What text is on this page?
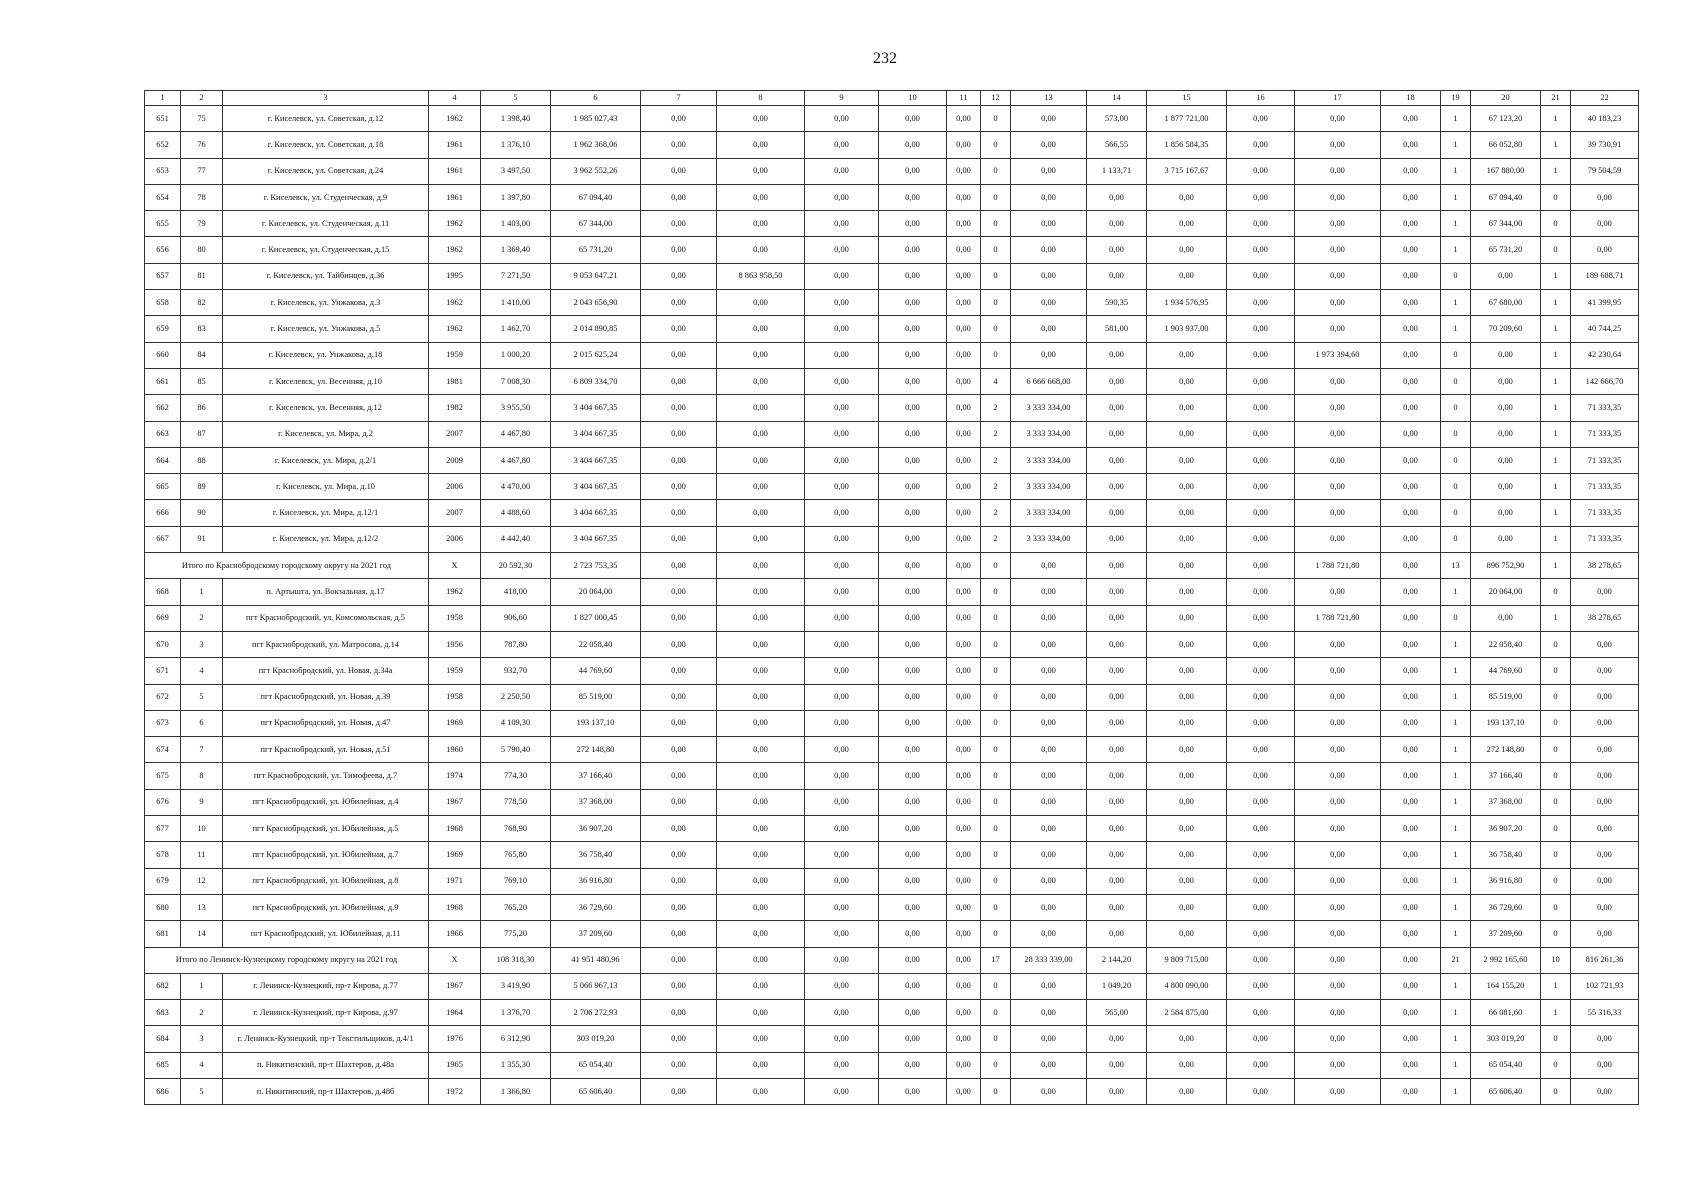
232
1	2	3	4	5	6	7	8	9	10	11	12	13	14	15	16	17	18	19	20	21	22
651	75	г. Киселевск, ул. Советская, д.12	1962	1 398,40	1 985 027,43	0,00	0,00	0,00	0,00	0,00	0	0,00	573,00	1 877 721,00	0,00	0,00	0,00	1	67 123,20	1	40 183,23
652	76	г. Киселевск, ул. Советская, д.18	1961	1 376,10	1 962 368,06	0,00	0,00	0,00	0,00	0,00	0	0,00	566,55	1 856 584,35	0,00	0,00	0,00	1	66 052,80	1	39 730,91
653	77	г. Киселевск, ул. Советская, д.24	1961	3 497,50	3 962 552,26	0,00	0,00	0,00	0,00	0,00	0	0,00	1 133,71	3 715 167,67	0,00	0,00	0,00	1	167 880,00	1	79 504,59
654	78	г. Киселевск, ул. Студенческая, д.9	1961	1 397,80	67 094,40	0,00	0,00	0,00	0,00	0,00	0	0,00	0,00	0,00	0,00	0,00	0,00	1	67 094,40	0	0,00
655	79	г. Киселевск, ул. Студенческая, д.11	1962	1 403,00	67 344,00	0,00	0,00	0,00	0,00	0,00	0	0,00	0,00	0,00	0,00	0,00	0,00	1	67 344,00	0	0,00
656	80	г. Киселевск, ул. Студенческая, д.15	1962	1 369,40	65 731,20	0,00	0,00	0,00	0,00	0,00	0	0,00	0,00	0,00	0,00	0,00	0,00	1	65 731,20	0	0,00
657	81	г. Киселевск, ул. Тайбинцев, д.36	1995	7 271,50	9 053 647,21	0,00	8 863 958,50	0,00	0,00	0,00	0	0,00	0,00	0,00	0,00	0,00	0,00	0	0,00	1	189 688,71
658	82	г. Киселевск, ул. Унжакова, д.3	1962	1 410,00	2 043 656,90	0,00	0,00	0,00	0,00	0,00	0	0,00	590,35	1 934 576,95	0,00	0,00	0,00	1	67 680,00	1	41 399,95
659	83	г. Киселевск, ул. Унжакова, д.5	1962	1 462,70	2 014 890,85	0,00	0,00	0,00	0,00	0,00	0	0,00	581,00	1 903 937,00	0,00	0,00	0,00	1	70 209,60	1	40 744,25
660	84	г. Киселевск, ул. Унжакова, д.18	1959	1 000,20	2 015 625,24	0,00	0,00	0,00	0,00	0,00	0	0,00	0,00	0,00	0,00	1 973 394,60	0,00	0	0,00	1	42 230,64
661	85	г. Киселевск, ул. Весенняя, д.10	1981	7 008,30	6 809 334,70	0,00	0,00	0,00	0,00	0,00	4	6 666 668,00	0,00	0,00	0,00	0,00	0,00	0	0,00	1	142 666,70
662	86	г. Киселевск, ул. Весенняя, д.12	1982	3 955,50	3 404 667,35	0,00	0,00	0,00	0,00	0,00	2	3 333 334,00	0,00	0,00	0,00	0,00	0,00	0	0,00	1	71 333,35
663	87	г. Киселевск, ул. Мира, д.2	2007	4 467,80	3 404 667,35	0,00	0,00	0,00	0,00	0,00	2	3 333 334,00	0,00	0,00	0,00	0,00	0,00	0	0,00	1	71 333,35
664	88	г. Киселевск, ул. Мира, д.2/1	2009	4 467,80	3 404 667,35	0,00	0,00	0,00	0,00	0,00	2	3 333 334,00	0,00	0,00	0,00	0,00	0,00	0	0,00	1	71 333,35
665	89	г. Киселевск, ул. Мира, д.10	2006	4 470,00	3 404 667,35	0,00	0,00	0,00	0,00	0,00	2	3 333 334,00	0,00	0,00	0,00	0,00	0,00	0	0,00	1	71 333,35
666	90	г. Киселевск, ул. Мира, д.12/1	2007	4 488,60	3 404 667,35	0,00	0,00	0,00	0,00	0,00	2	3 333 334,00	0,00	0,00	0,00	0,00	0,00	0	0,00	1	71 333,35
667	91	г. Киселевск, ул. Мира, д.12/2	2006	4 442,40	3 404 667,35	0,00	0,00	0,00	0,00	0,00	2	3 333 334,00	0,00	0,00	0,00	0,00	0,00	0	0,00	1	71 333,35
Итого по Краснобродскому городскому округу на 2021 год			X	20 592,30	2 723 753,35	0,00	0,00	0,00	0,00	0,00	0	0,00	0,00	0,00	0,00	1 788 721,80	0,00	13	896 752,90	1	38 278,65
668	1	п. Артышта, ул. Вокзальная, д.17	1962	418,00	20 064,00	0,00	0,00	0,00	0,00	0,00	0	0,00	0,00	0,00	0,00	0,00	0,00	1	20 064,00	0	0,00
669	2	пгт Краснобродский, ул. Комсомольская, д.5	1958	906,60	1 827 000,45	0,00	0,00	0,00	0,00	0,00	0	0,00	0,00	0,00	0,00	1 788 721,80	0,00	0	0,00	1	38 278,65
670	3	пгт Краснобродский, ул. Матросова, д.14	1956	787,80	22 058,40	0,00	0,00	0,00	0,00	0,00	0	0,00	0,00	0,00	0,00	0,00	0,00	1	22 058,40	0	0,00
671	4	пгт Краснобродский, ул. Новая, д.34а	1959	932,70	44 769,60	0,00	0,00	0,00	0,00	0,00	0	0,00	0,00	0,00	0,00	0,00	0,00	1	44 769,60	0	0,00
672	5	пгт Краснобродский, ул. Новая, д.39	1958	2 250,50	85 519,00	0,00	0,00	0,00	0,00	0,00	0	0,00	0,00	0,00	0,00	0,00	0,00	1	85 519,00	0	0,00
673	6	пгт Краснобродский, ул. Новая, д.47	1969	4 109,30	193 137,10	0,00	0,00	0,00	0,00	0,00	0	0,00	0,00	0,00	0,00	0,00	0,00	1	193 137,10	0	0,00
674	7	пгт Краснобродский, ул. Новая, д.51	1960	5 790,40	272 148,80	0,00	0,00	0,00	0,00	0,00	0	0,00	0,00	0,00	0,00	0,00	0,00	1	272 148,80	0	0,00
675	8	пгт Краснобродский, ул. Тимофеева, д.7	1974	774,30	37 166,40	0,00	0,00	0,00	0,00	0,00	0	0,00	0,00	0,00	0,00	0,00	0,00	1	37 166,40	0	0,00
676	9	пгт Краснобродский, ул. Юбилейная, д.4	1967	778,50	37 368,00	0,00	0,00	0,00	0,00	0,00	0	0,00	0,00	0,00	0,00	0,00	0,00	1	37 368,00	0	0,00
677	10	пгт Краснобродский, ул. Юбилейная, д.5	1968	768,90	36 907,20	0,00	0,00	0,00	0,00	0,00	0	0,00	0,00	0,00	0,00	0,00	0,00	1	36 907,20	0	0,00
678	11	пгт Краснобродский, ул. Юбилейная, д.7	1969	765,80	36 758,40	0,00	0,00	0,00	0,00	0,00	0	0,00	0,00	0,00	0,00	0,00	0,00	1	36 758,40	0	0,00
679	12	пгт Краснобродский, ул. Юбилейная, д.8	1971	769,10	36 916,80	0,00	0,00	0,00	0,00	0,00	0	0,00	0,00	0,00	0,00	0,00	0,00	1	36 916,80	0	0,00
680	13	пгт Краснобродский, ул. Юбилейная, д.9	1968	765,20	36 729,60	0,00	0,00	0,00	0,00	0,00	0	0,00	0,00	0,00	0,00	0,00	0,00	1	36 729,60	0	0,00
681	14	пгт Краснобродский, ул. Юбилейная, д.11	1966	775,20	37 209,60	0,00	0,00	0,00	0,00	0,00	0	0,00	0,00	0,00	0,00	0,00	0,00	1	37 209,60	0	0,00
Итого по Ленинск-Кузнецкому городскому округу на 2021 год			X	108 318,30	41 951 480,96	0,00	0,00	0,00	0,00	0,00	17	28 333 339,00	2 144,20	9 809 715,00	0,00	0,00	0,00	21	2 992 165,60	10	816 261,36
682	1	г. Ленинск-Кузнецкий, пр-т Кирова, д.77	1967	3 419,90	5 066 967,13	0,00	0,00	0,00	0,00	0,00	0	0,00	1 049,20	4 800 090,00	0,00	0,00	0,00	1	164 155,20	1	102 721,93
683	2	г. Ленинск-Кузнецкий, пр-т Кирова, д.97	1964	1 376,70	2 706 272,93	0,00	0,00	0,00	0,00	0,00	0	0,00	565,00	2 584 875,00	0,00	0,00	0,00	1	66 081,60	1	55 316,33
684	3	г. Ленинск-Кузнецкий, пр-т Текстильщиков, д.4/1	1976	6 312,90	303 019,20	0,00	0,00	0,00	0,00	0,00	0	0,00	0,00	0,00	0,00	0,00	0,00	1	303 019,20	0	0,00
685	4	п. Никитинский, пр-т Шахтеров, д.48а	1965	1 355,30	65 054,40	0,00	0,00	0,00	0,00	0,00	0	0,00	0,00	0,00	0,00	0,00	0,00	1	65 054,40	0	0,00
686	5	п. Никитинский, пр-т Шахтеров, д.48б	1972	1 366,80	65 606,40	0,00	0,00	0,00	0,00	0,00	0	0,00	0,00	0,00	0,00	0,00	0,00	1	65 606,40	0	0,00
